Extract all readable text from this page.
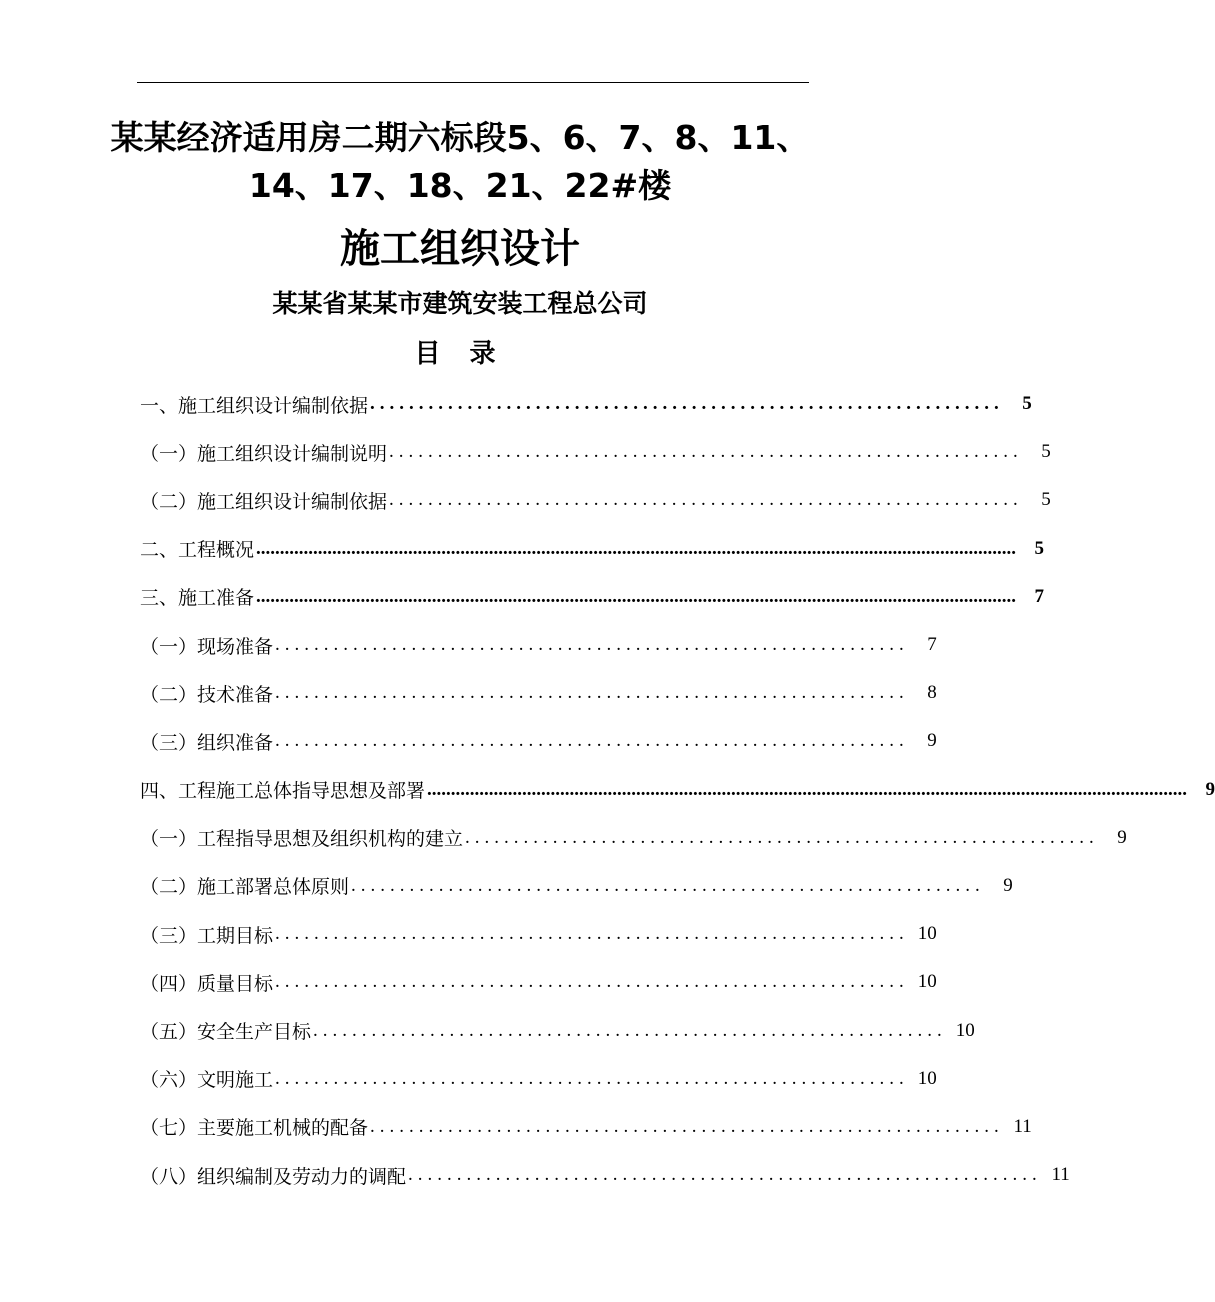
某某经济适用房二期六标段5、6、7、8、11、
14、17、18、21、22#楼
施工组织设计
某某省某某市建筑安装工程总公司
目 录
一、施工组织设计编制依据 ................................................................. 5
（一）施工组织设计编制说明 ................................................................. 5
（二）施工组织设计编制依据 ................................................................. 5
二、工程概况 ................................................................................................................................................................ 5
三、施工准备 ................................................................................................................................................................ 7
（一）现场准备 ................................................................. 7
（二）技术准备 ................................................................. 8
（三）组织准备 ................................................................. 9
四、工程施工总体指导思想及部署 ................................................................................................................................................................ 9
（一）工程指导思想及组织机构的建立 ................................................................. 9
（二）施工部署总体原则 ................................................................. 9
（三）工期目标 ................................................................. 10
（四）质量目标 ................................................................. 10
（五）安全生产目标 ................................................................. 10
（六）文明施工 ................................................................. 10
（七）主要施工机械的配备 ................................................................. 11
（八）组织编制及劳动力的调配 ................................................................. 11
